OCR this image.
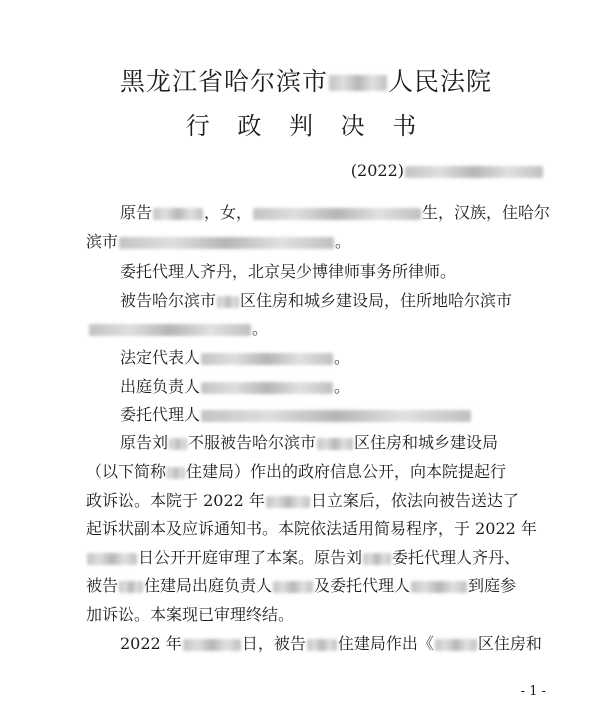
黑龙江省哈尔滨市 人民法院
行 政 判 决 书
(2022)
原告	，女，	生，汉族，住哈尔
滨市	。
委托代理人齐丹，北京吴少博律师事务所律师。
被告哈尔滨市 区住房和城乡建设局，住所地哈尔滨市
。
法定代表人	。
出庭负责人	。
委托代理人
原告刘 不服被告哈尔滨市 区住房和城乡建设局
（以下简称 住建局）作出的政府信息公开，向本院提起行
政诉讼。本院于 2022 年	日立案后，依法向被告送达了
起诉状副本及应诉通知书。本院依法适用简易程序，于 2022 年
日公开开庭审理了本案。原告刘 委托代理人齐丹、
被告 住建局出庭负责人	及委托代理人	到庭参
加诉讼。本案现已审理终结。
2022 年	日，被告 住建局作出《	区住房和
- 1 -
